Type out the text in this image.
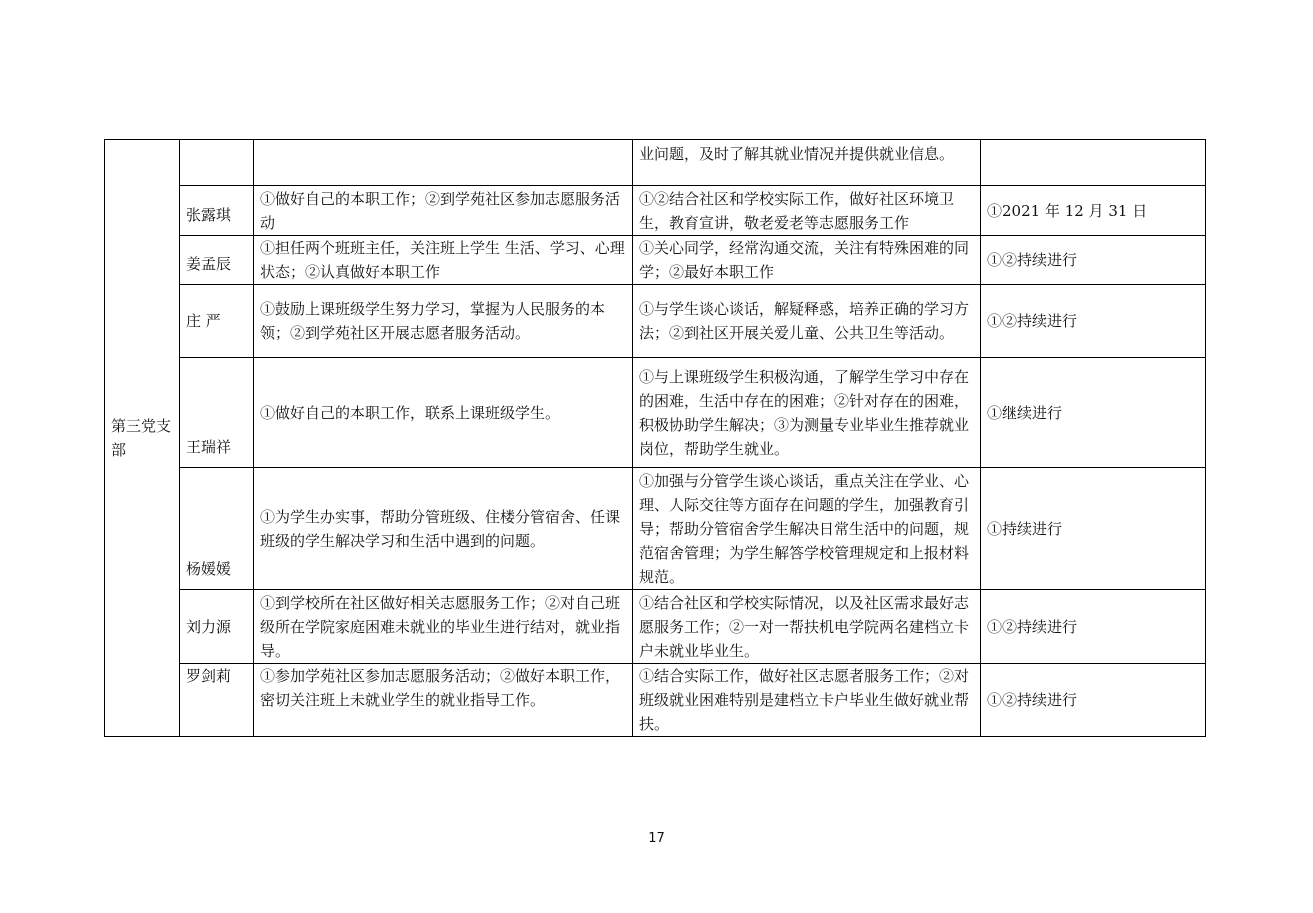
第三党支部			业问题，及时了解其就业情况并提供就业信息。	
	张露琪	①做好自己的本职工作；②到学苑社区参加志愿服务活动	①②结合社区和学校实际工作，做好社区环境卫生，教育宣讲，敬老爱老等志愿服务工作	①2021 年 12 月 31 日
	姜孟辰	①担任两个班班主任，关注班上学生 生活、学习、心理状态；②认真做好本职工作	①关心同学，经常沟通交流，关注有特殊困难的同学；②最好本职工作	①②持续进行
	庄 严	①鼓励上课班级学生努力学习，掌握为人民服务的本领；②到学苑社区开展志愿者服务活动。	①与学生谈心谈话，解疑释惑，培养正确的学习方法；②到社区开展关爱儿童、公共卫生等活动。	①②持续进行
	王瑞祥	①做好自己的本职工作，联系上课班级学生。	①与上课班级学生积极沟通，了解学生学习中存在的困难，生活中存在的困难；②针对存在的困难，积极协助学生解决；③为测量专业毕业生推荐就业岗位，帮助学生就业。	①继续进行
	杨媛媛	①为学生办实事，帮助分管班级、住楼分管宿舍、任课班级的学生解决学习和生活中遇到的问题。	①加强与分管学生谈心谈话，重点关注在学业、心理、人际交往等方面存在问题的学生，加强教育引导；帮助分管宿舍学生解决日常生活中的问题，规范宿舍管理；为学生解答学校管理规定和上报材料规范。	①持续进行
	刘力源	①到学校所在社区做好相关志愿服务工作；②对自己班级所在学院家庭困难未就业的毕业生进行结对，就业指导。	①结合社区和学校实际情况，以及社区需求最好志愿服务工作；②一对一帮扶机电学院两名建档立卡户未就业毕业生。	①②持续进行
	罗剑莉	①参加学苑社区参加志愿服务活动；②做好本职工作，密切关注班上未就业学生的就业指导工作。	①结合实际工作，做好社区志愿者服务工作；②对班级就业困难特别是建档立卡户毕业生做好就业帮扶。	①②持续进行
17
